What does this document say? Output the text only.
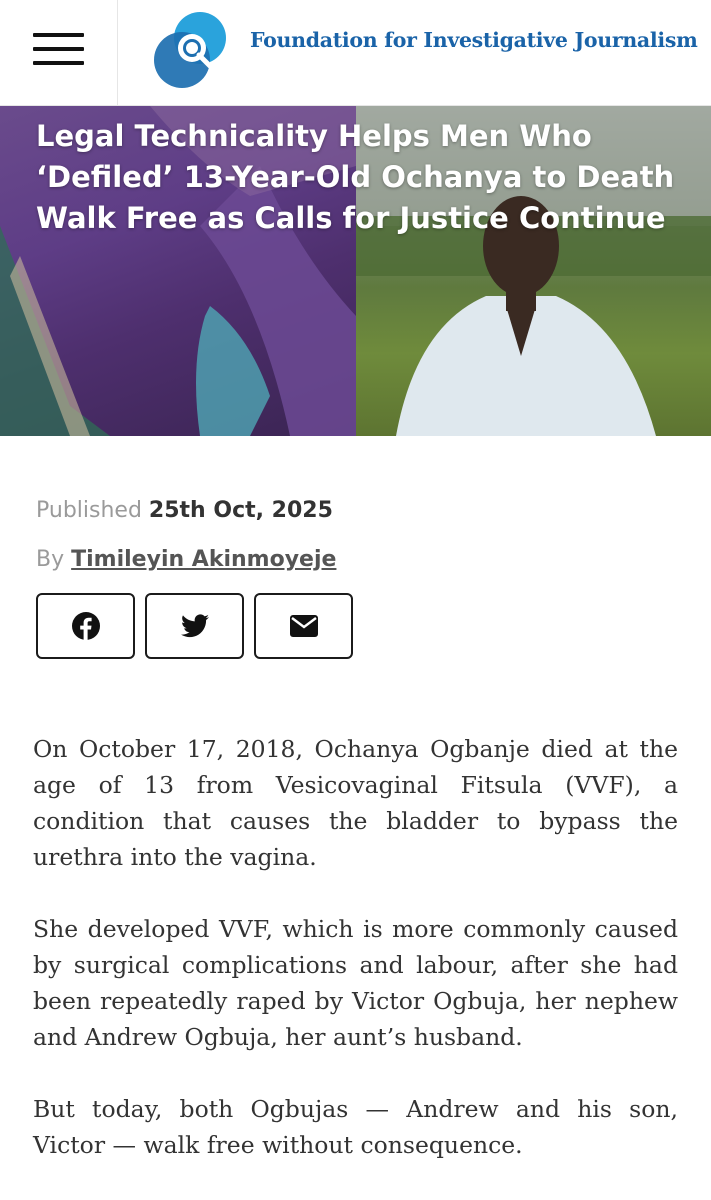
Foundation for Investigative Journalism
Legal Technicality Helps Men Who ‘Defiled’ 13-Year-Old Ochanya to Death Walk Free as Calls for Justice Continue
Published 25th Oct, 2025
By Timileyin Akinmoyeje

On October 17, 2018, Ochanya Ogbanje died at the age of 13 from Vesicovaginal Fitsula (VVF), a condition that causes the bladder to bypass the urethra into the vagina.

She developed VVF, which is more commonly caused by surgical complications and labour, after she had been repeatedly raped by Victor Ogbuja, her nephew and Andrew Ogbuja, her aunt’s husband.

But today, both Ogbujas — Andrew and his son, Victor — walk free without consequence.
